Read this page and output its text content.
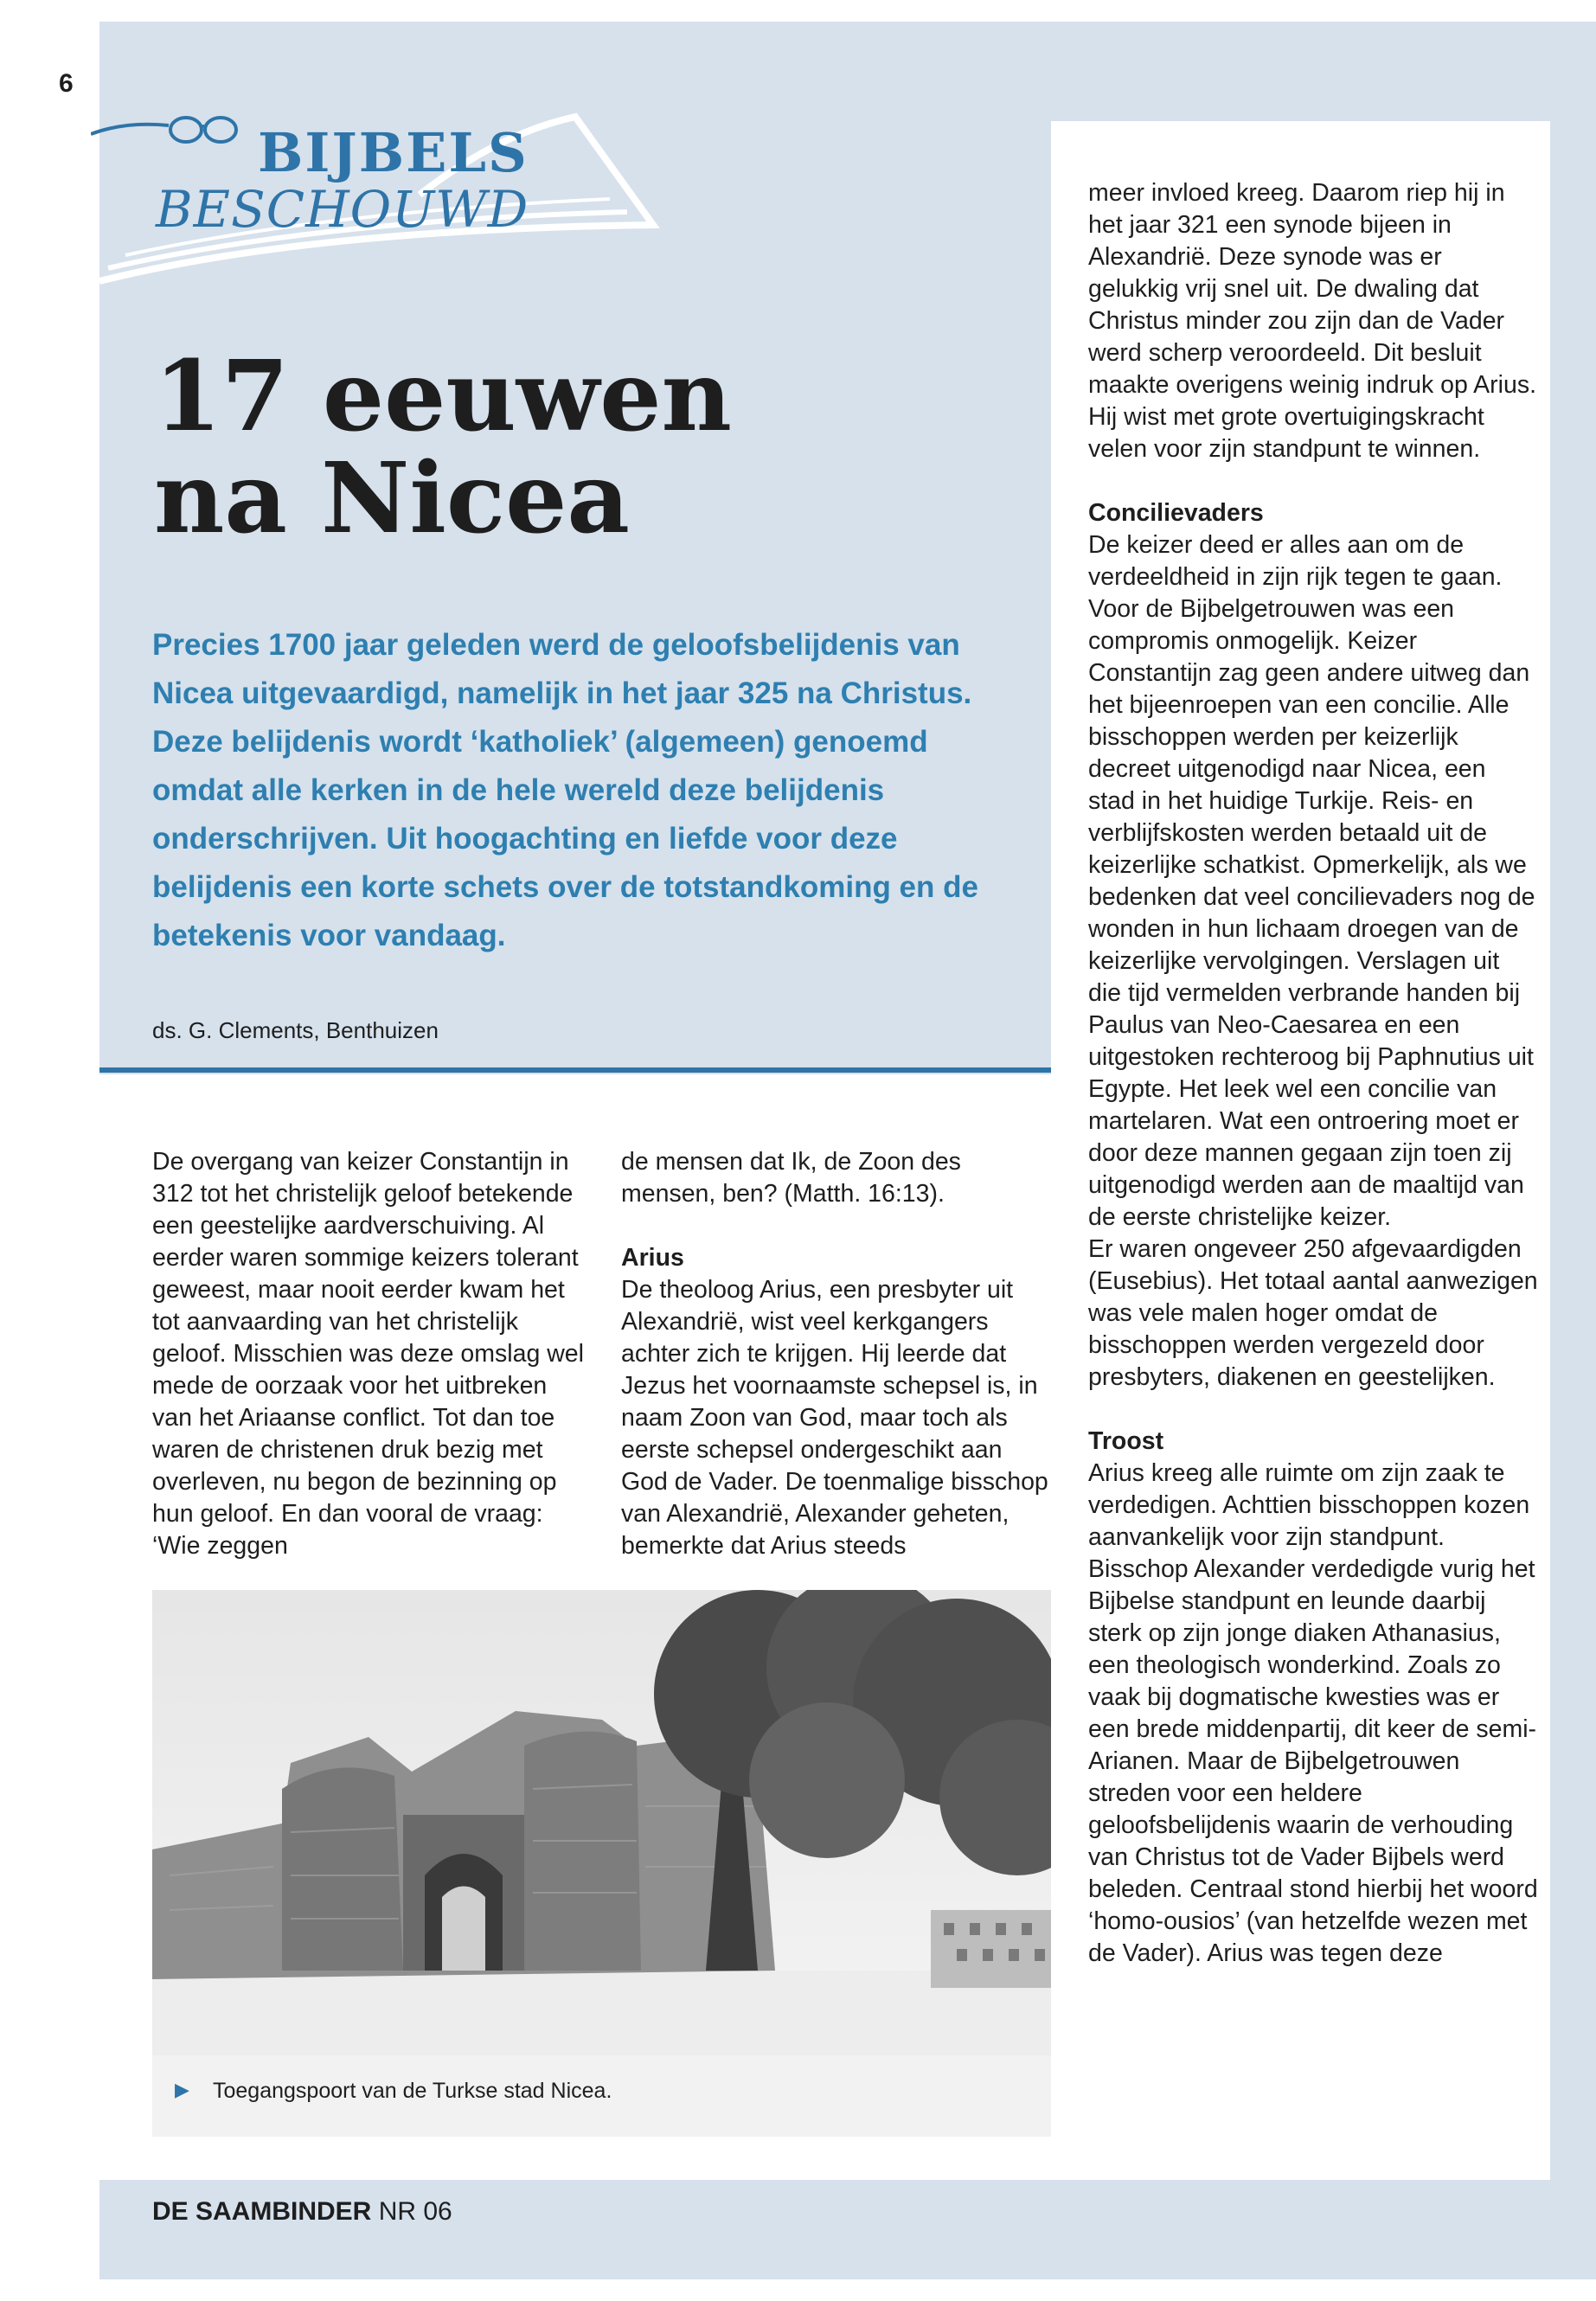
6
BIJBELS
BESCHOUWD
17 eeuwen
na Nicea
Precies 1700 jaar geleden werd de geloofsbelijdenis van Nicea uitgevaardigd, namelijk in het jaar 325 na Christus. Deze belijdenis wordt ‘katholiek’ (algemeen) genoemd omdat alle kerken in de hele wereld deze belijdenis onderschrijven. Uit hoogachting en liefde voor deze belijdenis een korte schets over de totstandkoming en de betekenis voor vandaag.
ds. G. Clements, Benthuizen

De overgang van keizer Constantijn in 312 tot het christelijk geloof betekende een geestelijke aardverschuiving. Al eerder waren sommige keizers tolerant geweest, maar nooit eerder kwam het tot aanvaarding van het christelijk geloof. Misschien was deze omslag wel mede de oorzaak voor het uitbreken van het Ariaanse conflict. Tot dan toe waren de christenen druk bezig met overleven, nu begon de bezinning op hun geloof. En dan vooral de vraag: ‘Wie zeggen

de mensen dat Ik, de Zoon des mensen, ben? (Matth. 16:13).

Arius

De theoloog Arius, een presbyter uit Alexandrië, wist veel kerkgangers achter zich te krijgen. Hij leerde dat Jezus het voornaamste schepsel is, in naam Zoon van God, maar toch als eerste schepsel ondergeschikt aan God de Vader. De toenmalige bisschop van Alexandrië, Alexander geheten, bemerkte dat Arius steeds

meer invloed kreeg. Daarom riep hij in het jaar 321 een synode bijeen in Alexandrië. Deze synode was er gelukkig vrij snel uit. De dwaling dat Christus minder zou zijn dan de Vader werd scherp veroordeeld. Dit besluit maakte overigens weinig indruk op Arius. Hij wist met grote overtuigingskracht velen voor zijn standpunt te winnen.

Concilievaders

De keizer deed er alles aan om de verdeeldheid in zijn rijk tegen te gaan. Voor de Bijbelgetrouwen was een compromis onmogelijk. Keizer Constantijn zag geen andere uitweg dan het bijeenroepen van een concilie. Alle bisschoppen werden per keizerlijk decreet uitgenodigd naar Nicea, een stad in het huidige Turkije. Reis- en verblijfskosten werden betaald uit de keizerlijke schatkist. Opmerkelijk, als we bedenken dat veel concilievaders nog de wonden in hun lichaam droegen van de keizerlijke vervolgingen. Verslagen uit die tijd vermelden verbrande handen bij Paulus van Neo-Caesarea en een uitgestoken rechteroog bij Paphnutius uit Egypte. Het leek wel een concilie van martelaren. Wat een ontroering moet er door deze mannen gegaan zijn toen zij uitgenodigd werden aan de maaltijd van de eerste christelijke keizer.

Er waren ongeveer 250 afgevaardigden (Eusebius). Het totaal aantal aanwezigen was vele malen hoger omdat de bisschoppen werden vergezeld door presbyters, diakenen en geestelijken.

Troost

Arius kreeg alle ruimte om zijn zaak te verdedigen. Achttien bisschoppen kozen aanvankelijk voor zijn standpunt. Bisschop Alexander verdedigde vurig het Bijbelse standpunt en leunde daarbij sterk op zijn jonge diaken Athanasius, een theologisch wonderkind. Zoals zo vaak bij dogmatische kwesties was er een brede middenpartij, dit keer de semi-Arianen. Maar de Bijbelgetrouwen streden voor een heldere geloofsbelijdenis waarin de verhouding van Christus tot de Vader Bijbels werd beleden. Centraal stond hierbij het woord ‘homo-ousios’ (van hetzelfde wezen met de Vader). Arius was tegen deze

▶ Toegangspoort van de Turkse stad Nicea.
DE SAAMBINDER NR 06
